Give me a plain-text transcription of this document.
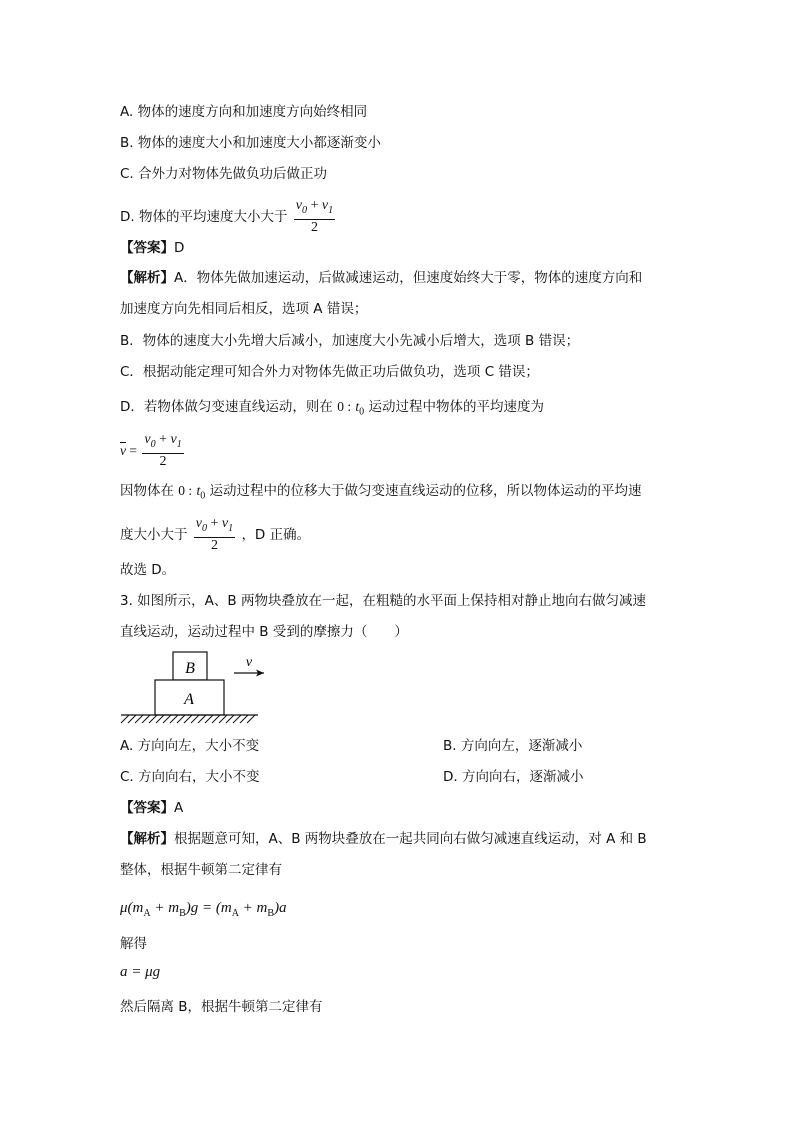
A. 物体的速度方向和加速度方向始终相同
B. 物体的速度大小和加速度大小都逐渐变小
C. 合外力对物体先做负功后做正功
D. 物体的平均速度大小大于 $\frac{v_0 + v_1}{2}$
【答案】D
【解析】A．物体先做加速运动，后做减速运动，但速度始终大于零，物体的速度方向和
加速度方向先相同后相反，选项 A 错误；
B．物体的速度大小先增大后减小，加速度大小先减小后增大，选项 B 错误；
C．根据动能定理可知合外力对物体先做正功后做负功，选项 C 错误；
D．若物体做匀变速直线运动，则在 0 : $t_0$ 运动过程中物体的平均速度为
$\overline{v} = \frac{v_0 + v_1}{2}$
因物体在 0 : $t_0$ 运动过程中的位移大于做匀变速直线运动的位移，所以物体运动的平均速
度大小大于 $\frac{v_0 + v_1}{2}$ ，D 正确。
故选 D。
3. 如图所示，A、B 两物块叠放在一起，在粗糙的水平面上保持相对静止地向右做匀减速
直线运动，运动过程中 B 受到的摩擦力（　　）
B
A
v
A. 方向向左，大小不变	B. 方向向左，逐渐减小
C. 方向向右，大小不变	D. 方向向右，逐渐减小
【答案】A
【解析】根据题意可知，A、B 两物块叠放在一起共同向右做匀减速直线运动，对 A 和 B
整体，根据牛顿第二定律有
$\mu(m_A + m_B)g = (m_A + m_B)a$
解得
a = μg
然后隔离 B，根据牛顿第二定律有
